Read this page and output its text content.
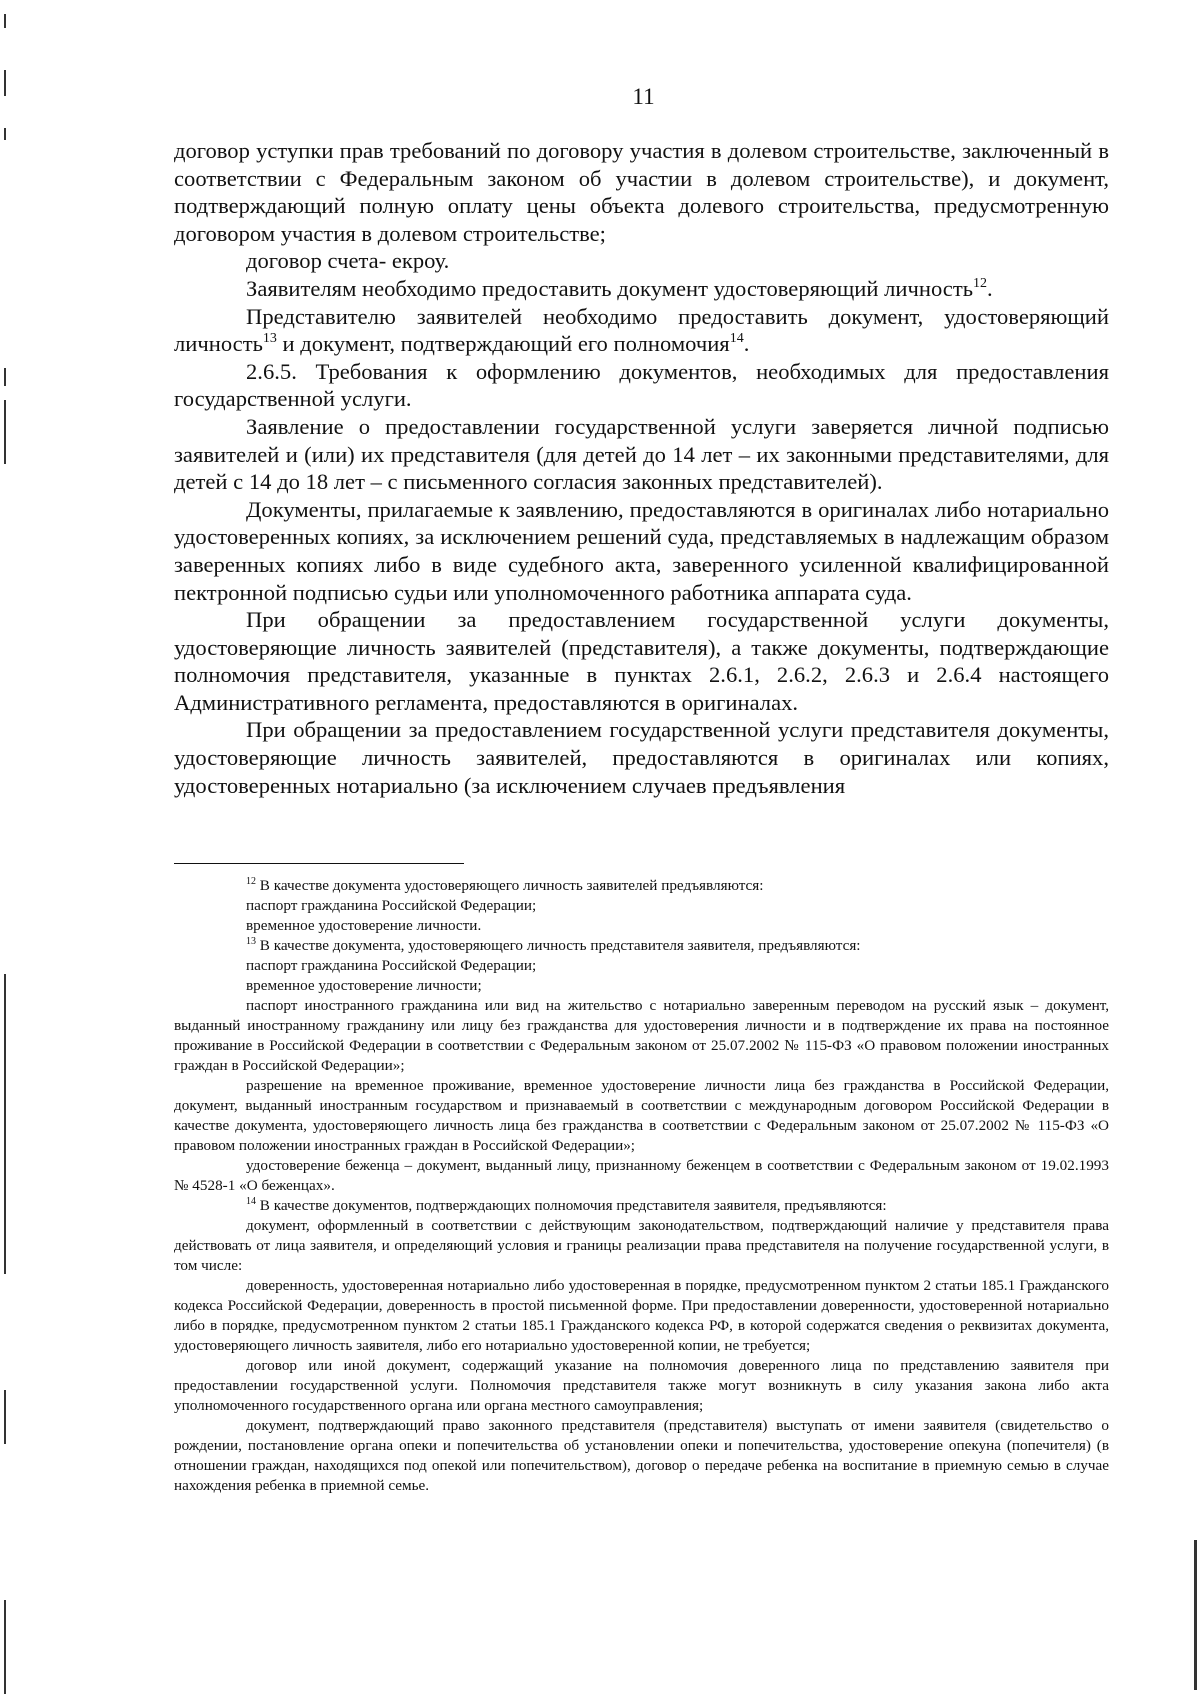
11

договор уступки прав требований по договору участия в долевом строительстве, заключенный в соответствии с Федеральным законом об участии в долевом строительстве), и документ, подтверждающий полную оплату цены объекта долевого строительства, предусмотренную договором участия в долевом строительстве;

договор счета- екроу.

Заявителям необходимо предоставить документ удостоверяющий личность$^{12}$.

Представителю заявителей необходимо предоставить документ, удостоверяющий личность$^{13}$ и документ, подтверждающий его полномочия$^{14}$.

2.6.5. Требования к оформлению документов, необходимых для предоставления государственной услуги.

Заявление о предоставлении государственной услуги заверяется личной подписью заявителей и (или) их представителя (для детей до 14 лет – их законными представителями, для детей с 14 до 18 лет – с письменного согласия законных представителей).

Документы, прилагаемые к заявлению, предоставляются в оригиналах либо нотариально удостоверенных копиях, за исключением решений суда, представляемых в надлежащим образом заверенных копиях либо в виде судебного акта, заверенного усиленной квалифицированной пектронной подписью судьи или уполномоченного работника аппарата суда.

При обращении за предоставлением государственной услуги документы, удостоверяющие личность заявителей (представителя), а также документы, подтверждающие полномочия представителя, указанные в пунктах 2.6.1, 2.6.2, 2.6.3 и 2.6.4 настоящего Административного регламента, предоставляются в оригиналах.

При обращении за предоставлением государственной услуги представителя документы, удостоверяющие личность заявителей, предоставляются в оригиналах или копиях, удостоверенных нотариально (за исключением случаев предъявления

$^{12}$ В качестве документа удостоверяющего личность заявителей предъявляются:

паспорт гражданина Российской Федерации;

временное удостоверение личности.

$^{13}$ В качестве документа, удостоверяющего личность представителя заявителя, предъявляются:

паспорт гражданина Российской Федерации;

временное удостоверение личности;

паспорт иностранного гражданина или вид на жительство с нотариально заверенным переводом на русский язык – документ, выданный иностранному гражданину или лицу без гражданства для удостоверения личности и в подтверждение их права на постоянное проживание в Российской Федерации в соответствии с Федеральным законом от 25.07.2002 № 115-ФЗ «О правовом положении иностранных граждан в Российской Федерации»;

разрешение на временное проживание, временное удостоверение личности лица без гражданства в Российской Федерации, документ, выданный иностранным государством и признаваемый в соответствии с международным договором Российской Федерации в качестве документа, удостоверяющего личность лица без гражданства в соответствии с Федеральным законом от 25.07.2002 № 115-ФЗ «О правовом положении иностранных граждан в Российской Федерации»;

удостоверение беженца – документ, выданный лицу, признанному беженцем в соответствии с Федеральным законом от 19.02.1993 № 4528-1 «О беженцах».

$^{14}$ В качестве документов, подтверждающих полномочия представителя заявителя, предъявляются:

документ, оформленный в соответствии с действующим законодательством, подтверждающий наличие у представителя права действовать от лица заявителя, и определяющий условия и границы реализации права представителя на получение государственной услуги, в том числе:

доверенность, удостоверенная нотариально либо удостоверенная в порядке, предусмотренном пунктом 2 статьи 185.1 Гражданского кодекса Российской Федерации, доверенность в простой письменной форме. При предоставлении доверенности, удостоверенной нотариально либо в порядке, предусмотренном пунктом 2 статьи 185.1 Гражданского кодекса РФ, в которой содержатся сведения о реквизитах документа, удостоверяющего личность заявителя, либо его нотариально удостоверенной копии, не требуется;

договор или иной документ, содержащий указание на полномочия доверенного лица по представлению заявителя при предоставлении государственной услуги. Полномочия представителя также могут возникнуть в силу указания закона либо акта уполномоченного государственного органа или органа местного самоуправления;

документ, подтверждающий право законного представителя (представителя) выступать от имени заявителя (свидетельство о рождении, постановление органа опеки и попечительства об установлении опеки и попечительства, удостоверение опекуна (попечителя) (в отношении граждан, находящихся под опекой или попечительством), договор о передаче ребенка на воспитание в приемную семью в случае нахождения ребенка в приемной семье.
